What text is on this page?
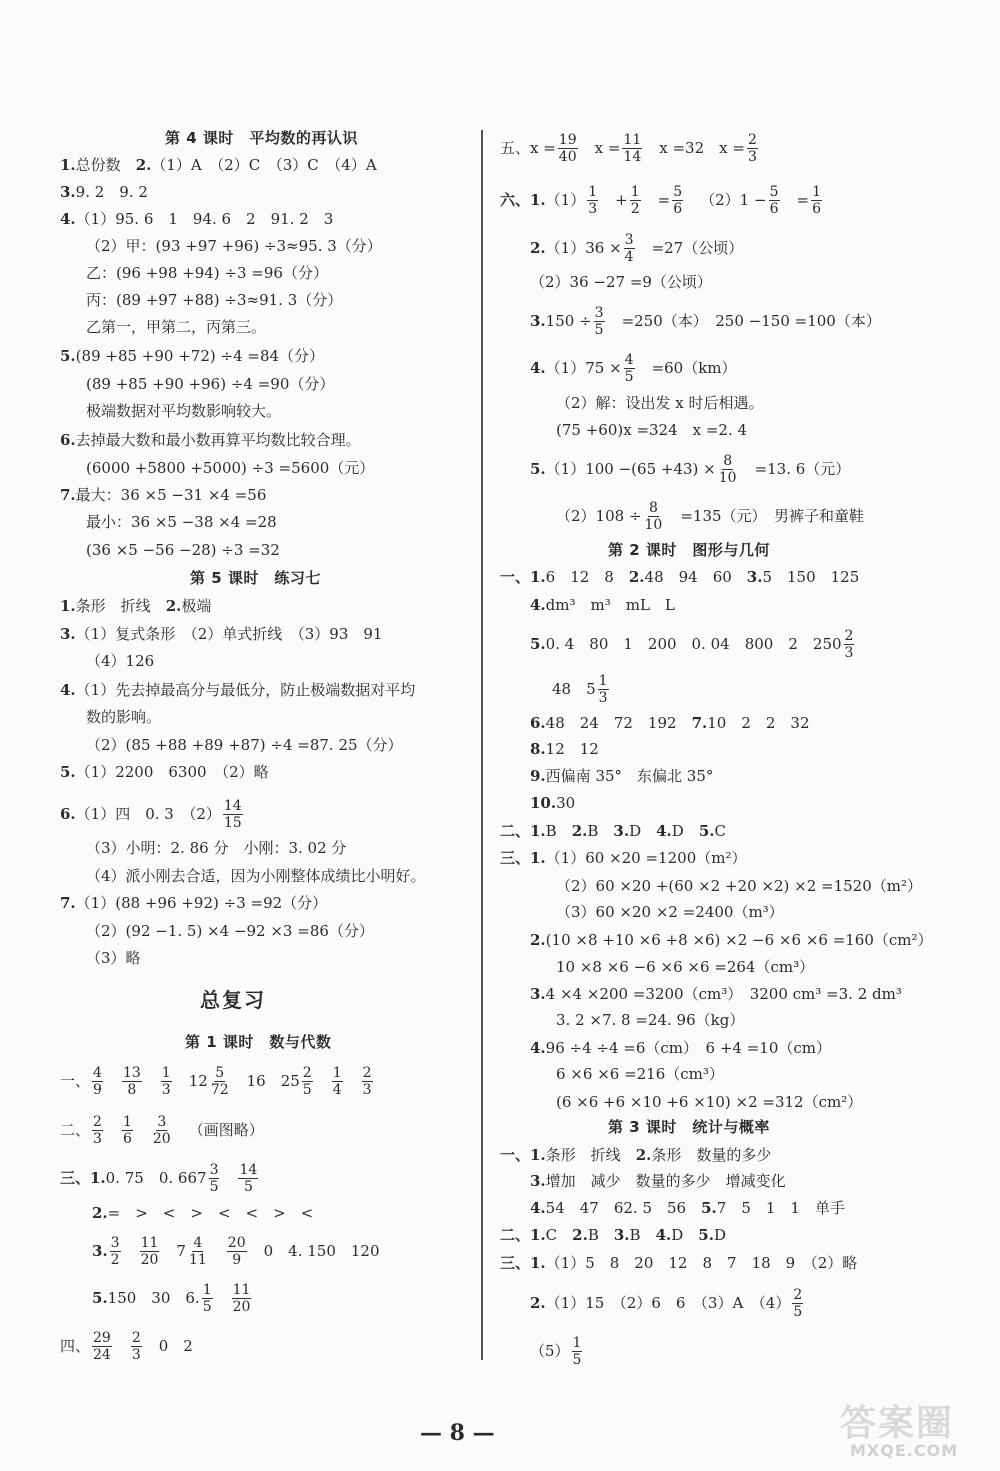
第 4 课时　平均数的再认识
1.总份数　2.（1）A　（2）C　（3）C　（4）A
3.9. 2　9. 2
4.（1）95. 6　1　94. 6　2　91. 2　3
（2）甲：(93 +97 +96) ÷3≈95. 3（分）
乙：(96 +98 +94) ÷3 =96（分）
丙：(89 +97 +88) ÷3≈91. 3（分）
乙第一，甲第二，丙第三。
5.(89 +85 +90 +72) ÷4 =84（分）
(89 +85 +90 +96) ÷4 =90（分）
极端数据对平均数影响较大。
6.去掉最大数和最小数再算平均数比较合理。
(6000 +5800 +5000) ÷3 =5600（元）
7.最大：36 ×5 −31 ×4 =56
最小：36 ×5 −38 ×4 =28
(36 ×5 −56 −28) ÷3 =32
第 5 课时　练习七
1.条形　折线　2.极端
3.（1）复式条形　（2）单式折线　（3）93　91
（4）126
4.（1）先去掉最高分与最低分，防止极端数据对平均
数的影响。
（2）(85 +88 +89 +87) ÷4 =87. 25（分）
5.（1）2200　6300　（2）略
6.（1）四　0. 3　$(2) \frac{14}{15}$

（3）小明：2. 86 分　小刚：3. 02 分
（4）派小刚去合适，因为小刚整体成绩比小明好。
7.（1）(88 +96 +92) ÷3 =92（分）
（2）(92 −1. 5) ×4 −92 ×3 =86（分）
（3）略
总复习
第 1 课时　数与代数
一、 $\frac{4}{9}$
  $\frac{13}{8}$
  $\frac{1}{3}$
  $12 \frac{5}{72}$
  16　$25 \frac{2}{5}$
  $\frac{1}{4}$
  $\frac{2}{3}$

二、 $\frac{2}{3}$
  $\frac{1}{6}$
  $\frac{3}{20}$
  （画图略）
三、1.0. 75　0. $667 \frac{3}{5}$
  $\frac{14}{5}$

2.=　>　<　>　<　<　>　<
3. $\frac{3}{2}$
  $\frac{11}{20}$
  $7 \frac{4}{11}$
  $\frac{20}{9}$
  0　4. 150　120
5.150　30　6. $\frac{1}{5}$
  $\frac{11}{20}$

四、 $\frac{29}{24}$
  $\frac{2}{3}$
  0　2
五、$x = \frac{19}{40}$
  $x = \frac{11}{14}$
  x =32　$x = \frac{2}{3}$

六、$1.(1) \frac{1}{3}$
  + $\frac{1}{2}$
  = $\frac{5}{6}$
  $(2)1 - \frac{5}{6}$
  = $\frac{1}{6}$

$2.(1)36 \times \frac{3}{4}$
  =27（公顷）
（2）36 −27 =9（公顷）
$3.150 \div \frac{3}{5}$
  =250（本）　250 −150 =100（本）
$4.(1)75 \times \frac{4}{5}$
  =60（km）
（2）解：设出发 x 时后相遇。
(75 +60)x =324　x =2. 4
$5.(1)100 -(65 +43) \times \frac{8}{10}$
  =13. 6（元）
$(2)108 \div \frac{8}{10}$
  =135（元）　男裤子和童鞋
第 2 课时　图形与几何
一、1.6　12　8　2.48　94　60　3.5　150　125
4.dm³　m³　mL　L
5.0. 4　80　1　200　0. 04　800　2　$250 \frac{2}{3}$

48　$5 \frac{1}{3}$

6.48　24　72　192　7.10　2　2　32
8.12　12
9.西偏南 35°　东偏北 35°
10.30
二、1.B　2.B　3.D　4.D　5.C
三、1.（1）60 ×20 =1200（m²）
（2）60 ×20 +(60 ×2 +20 ×2) ×2 =1520（m²）
（3）60 ×20 ×2 =2400（m³）
2.(10 ×8 +10 ×6 +8 ×6) ×2 −6 ×6 ×6 =160（cm²）
10 ×8 ×6 −6 ×6 ×6 =264（cm³）
3.4 ×4 ×200 =3200（cm³）　3200 cm³ =3. 2 dm³
3. 2 ×7. 8 =24. 96（kg）
4.96 ÷4 ÷4 =6（cm）　6 +4 =10（cm）
6 ×6 ×6 =216（cm³）
(6 ×6 +6 ×10 +6 ×10) ×2 =312（cm²）
第 3 课时　统计与概率
一、1.条形　折线　2.条形　数量的多少
3.增加　减少　数量的多少　增减变化
4.54　47　62. 5　56　5.7　5　1　1　单手
二、1.C　2.B　3.B　4.D　5.D
三、1.（1）5　8　20　12　8　7　18　9　（2）略
2.（1）15　（2）6　6　（3）A　$(4) \frac{2}{5}$

$(5) \frac{1}{5}$

— 8 —	答案圈
MXQE.COM
